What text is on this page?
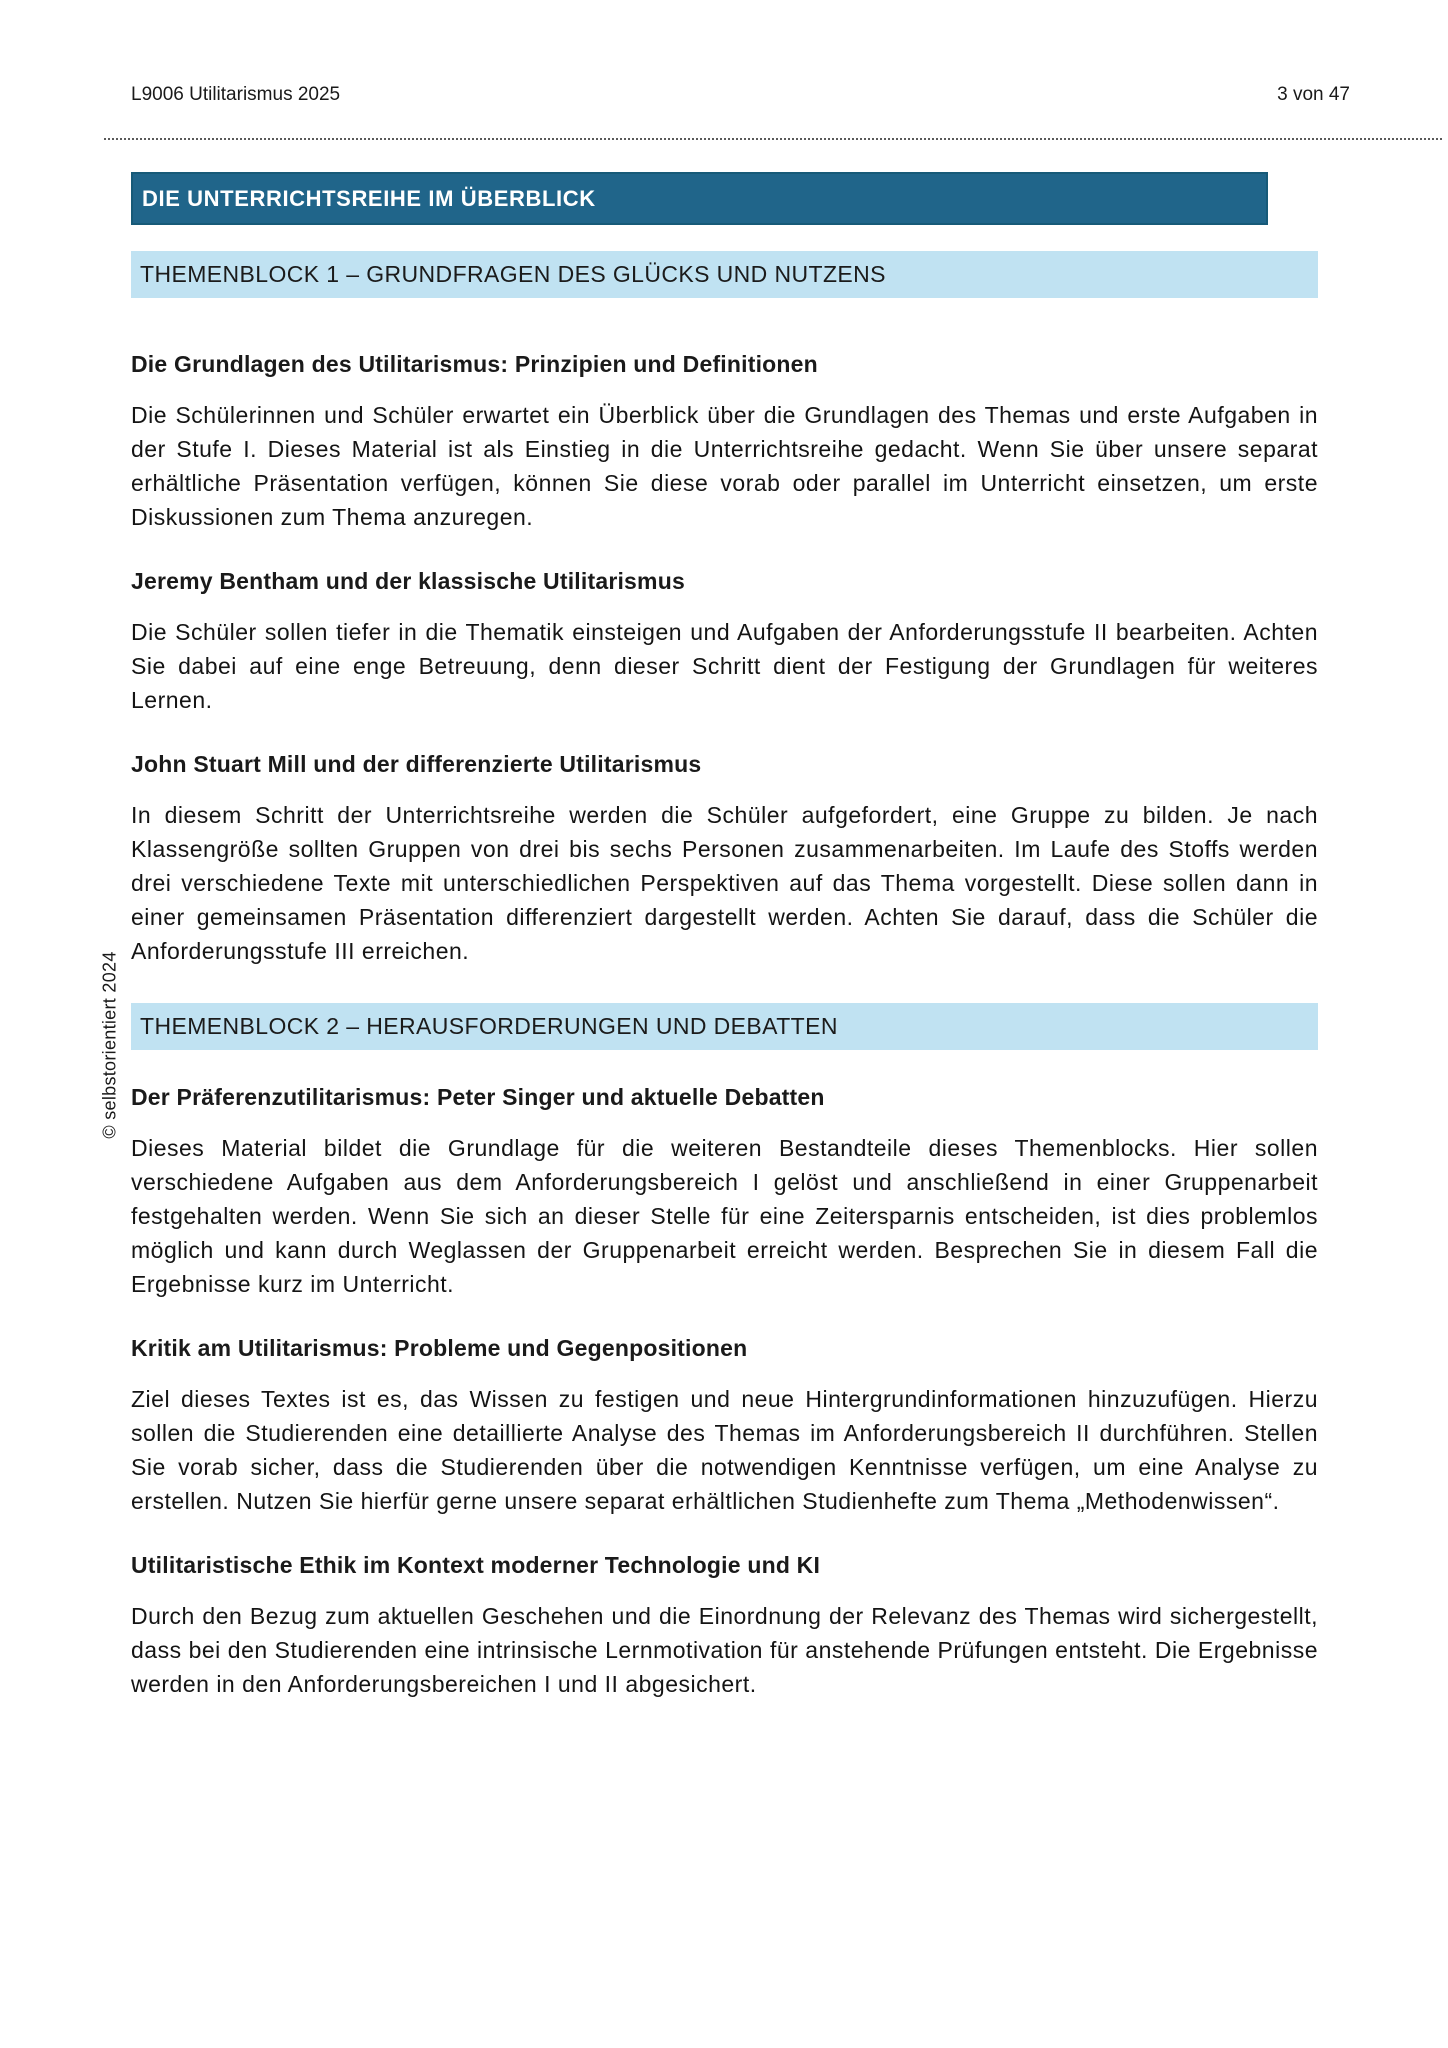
L9006 Utilitarismus 2025	3 von 47
© selbstorientiert 2024
DIE UNTERRICHTSREIHE IM ÜBERBLICK
THEMENBLOCK 1 – GRUNDFRAGEN DES GLÜCKS UND NUTZENS
Die Grundlagen des Utilitarismus: Prinzipien und Definitionen

Die Schülerinnen und Schüler erwartet ein Überblick über die Grundlagen des Themas und erste Aufgaben in der Stufe I. Dieses Material ist als Einstieg in die Unterrichtsreihe gedacht. Wenn Sie über unsere separat erhältliche Präsentation verfügen, können Sie diese vorab oder parallel im Unterricht einsetzen, um erste Diskussionen zum Thema anzuregen.

Jeremy Bentham und der klassische Utilitarismus

Die Schüler sollen tiefer in die Thematik einsteigen und Aufgaben der Anforderungsstufe II bearbeiten. Achten Sie dabei auf eine enge Betreuung, denn dieser Schritt dient der Festigung der Grundlagen für weiteres Lernen.

John Stuart Mill und der differenzierte Utilitarismus

In diesem Schritt der Unterrichtsreihe werden die Schüler aufgefordert, eine Gruppe zu bilden. Je nach Klassengröße sollten Gruppen von drei bis sechs Personen zusammenarbeiten. Im Laufe des Stoffs werden drei verschiedene Texte mit unterschiedlichen Perspektiven auf das Thema vorgestellt. Diese sollen dann in einer gemeinsamen Präsentation differenziert dargestellt werden. Achten Sie darauf, dass die Schüler die Anforderungsstufe III erreichen.

THEMENBLOCK 2 – HERAUSFORDERUNGEN UND DEBATTEN
Der Präferenzutilitarismus: Peter Singer und aktuelle Debatten

Dieses Material bildet die Grundlage für die weiteren Bestandteile dieses Themenblocks. Hier sollen verschiedene Aufgaben aus dem Anforderungsbereich I gelöst und anschließend in einer Gruppenarbeit festgehalten werden. Wenn Sie sich an dieser Stelle für eine Zeitersparnis entscheiden, ist dies problemlos möglich und kann durch Weglassen der Gruppenarbeit erreicht werden. Besprechen Sie in diesem Fall die Ergebnisse kurz im Unterricht.

Kritik am Utilitarismus: Probleme und Gegenpositionen

Ziel dieses Textes ist es, das Wissen zu festigen und neue Hintergrundinformationen hinzuzufügen. Hierzu sollen die Studierenden eine detaillierte Analyse des Themas im Anforderungsbereich II durchführen. Stellen Sie vorab sicher, dass die Studierenden über die notwendigen Kenntnisse verfügen, um eine Analyse zu erstellen. Nutzen Sie hierfür gerne unsere separat erhältlichen Studienhefte zum Thema „Methodenwissen“.

Utilitaristische Ethik im Kontext moderner Technologie und KI

Durch den Bezug zum aktuellen Geschehen und die Einordnung der Relevanz des Themas wird sichergestellt, dass bei den Studierenden eine intrinsische Lernmotivation für anstehende Prüfungen entsteht. Die Ergebnisse werden in den Anforderungsbereichen I und II abgesichert.
